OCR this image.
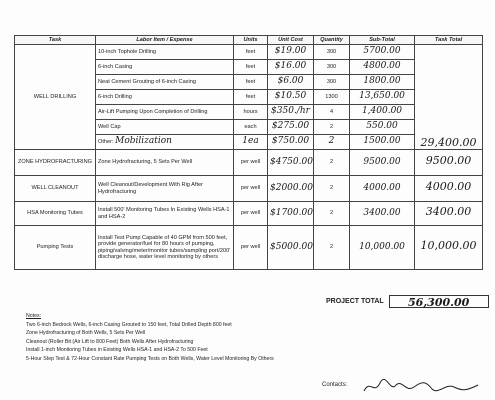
Task	Labor Item / Expense	Units	Unit Cost	Quantity	Sub-Total	Task Total
WELL DRILLING	10-inch Tophole Drilling	feet	$19.00	300	5700.00	29,400.00
	6-inch Casing	feet	$16.00	300	4800.00	
	Neat Cement Grouting of 6-inch Casing	feet	$6.00	300	1800.00	
	6-inch Drilling	feet	$10.50	1300	13,650.00	
	Air-Lift Pumping Upon Completion of Drilling	hours	$350./hr	4	1,400.00	
	Well Cap	each	$275.00	2	550.00	
	Other: Mobilization	1ea	$750.00	2	1500.00	
ZONE HYDROFRACTURING	Zone Hydrofracturing, 5 Sets Per Well	per well	$4750.00	2	9500.00	9500.00
WELL CLEANOUT	Well Cleanout/Development With Rig After Hydrofracturing	per well	$2000.00	2	4000.00	4000.00
HSA Monitoring Tubes	Install 500' Monitoring Tubes In Existing Wells HSA-1 and HSA-2	per well	$1700.00	2	3400.00	3400.00
Pumping Tests	Install Test Pump Capable of 40 GPM from 500 feet, provide generator/fuel for 80 hours of pumping, piping/valving/meter/monitor tubes/sampling port/200' discharge hose, water level monitoring by others	per well	$5000.00	2	10,000.00	10,000.00
PROJECT TOTAL 56,300.00
Notes:
Two 6-inch Bedrock Wells, 6-inch Casing Grouted to 150 feet, Total Drilled Depth 800 feet
Zone Hydrofracturing of Both Wells, 5 Sets Per Well
Cleanout (Roller Bit (Air Lift to 800 Feet) Both Wells After Hydrofracturing
Install 1-inch Monitoring Tubes in Existing Wells HSA-1 and HSA-2 To 500 Feet
5-Hour Step Test & 72-Hour Constant Rate Pumping Tests on Both Wells, Water Level Monitoring By Others
Contacts:
